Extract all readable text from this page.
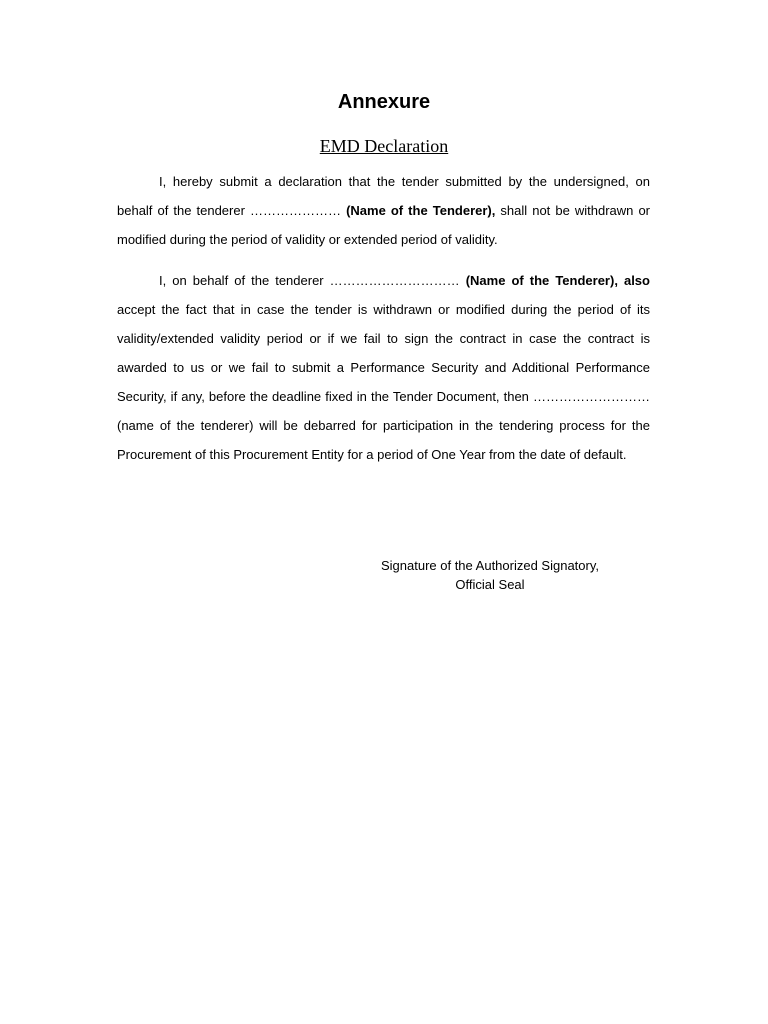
Annexure
EMD Declaration

I, hereby submit a declaration that the tender submitted by the undersigned, on behalf of the tenderer ………………… (Name of the Tenderer), shall not be withdrawn or modified during the period of validity or extended period of validity.

I, on behalf of the tenderer ………………………… (Name of the Tenderer), also accept the fact that in case the tender is withdrawn or modified during the period of its validity/extended validity period or if we fail to sign the contract in case the contract is awarded to us or we fail to submit a Performance Security and Additional Performance Security, if any, before the deadline fixed in the Tender Document, then ……………………… (name of the tenderer) will be debarred for participation in the tendering process for the Procurement of this Procurement Entity for a period of One Year from the date of default.

Signature of the Authorized Signatory,
Official Seal
